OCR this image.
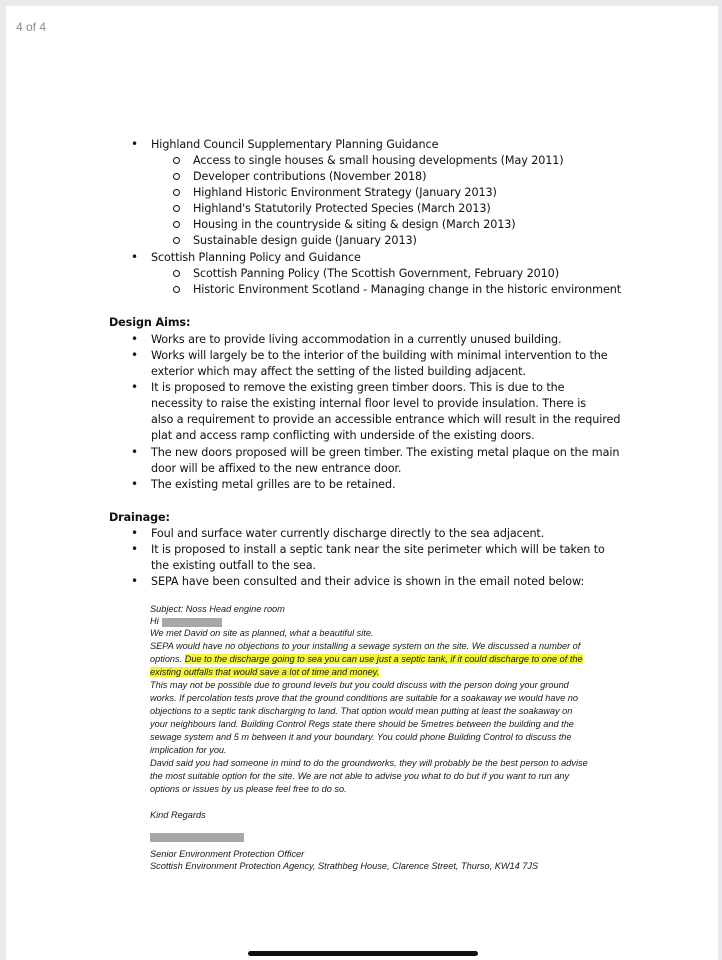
• Highland Council Supplementary Planning Guidance
Access to single houses & small housing developments (May 2011)
Developer contributions (November 2018)
Highland Historic Environment Strategy (January 2013)
Highland's Statutorily Protected Species (March 2013)
Housing in the countryside & siting & design (March 2013)
Sustainable design guide (January 2013)
• Scottish Planning Policy and Guidance
Scottish Panning Policy (The Scottish Government, February 2010)
Historic Environment Scotland - Managing change in the historic environment
Design Aims:
• Works are to provide living accommodation in a currently unused building.
• Works will largely be to the interior of the building with minimal intervention to the
exterior which may affect the setting of the listed building adjacent.
• It is proposed to remove the existing green timber doors. This is due to the
necessity to raise the existing internal floor level to provide insulation. There is
also a requirement to provide an accessible entrance which will result in the required
plat and access ramp conflicting with underside of the existing doors.
• The new doors proposed will be green timber. The existing metal plaque on the main
door will be affixed to the new entrance door.
• The existing metal grilles are to be retained.
Drainage:
• Foul and surface water currently discharge directly to the sea adjacent.
• It is proposed to install a septic tank near the site perimeter which will be taken to
the existing outfall to the sea.
• SEPA have been consulted and their advice is shown in the email noted below:
Subject: Noss Head engine room
Hi
We met David on site as planned, what a beautiful site.
SEPA would have no objections to your installing a sewage system on the site. We discussed a number of
options. Due to the discharge going to sea you can use just a septic tank, if it could discharge to one of the
existing outfalls that would save a lot of time and money.
This may not be possible due to ground levels but you could discuss with the person doing your ground
works. If percolation tests prove that the ground conditions are suitable for a soakaway we would have no
objections to a septic tank discharging to land. That option would mean putting at least the soakaway on
your neighbours land. Building Control Regs state there should be 5metres between the building and the
sewage system and 5 m between it and your boundary. You could phone Building Control to discuss the
implication for you.
David said you had someone in mind to do the groundworks, they will probably be the best person to advise
the most suitable option for the site. We are not able to advise you what to do but if you want to run any
options or issues by us please feel free to do so.
Kind Regards
Senior Environment Protection Officer
Scottish Environment Protection Agency, Strathbeg House, Clarence Street, Thurso, KW14 7JS
4 of 4
